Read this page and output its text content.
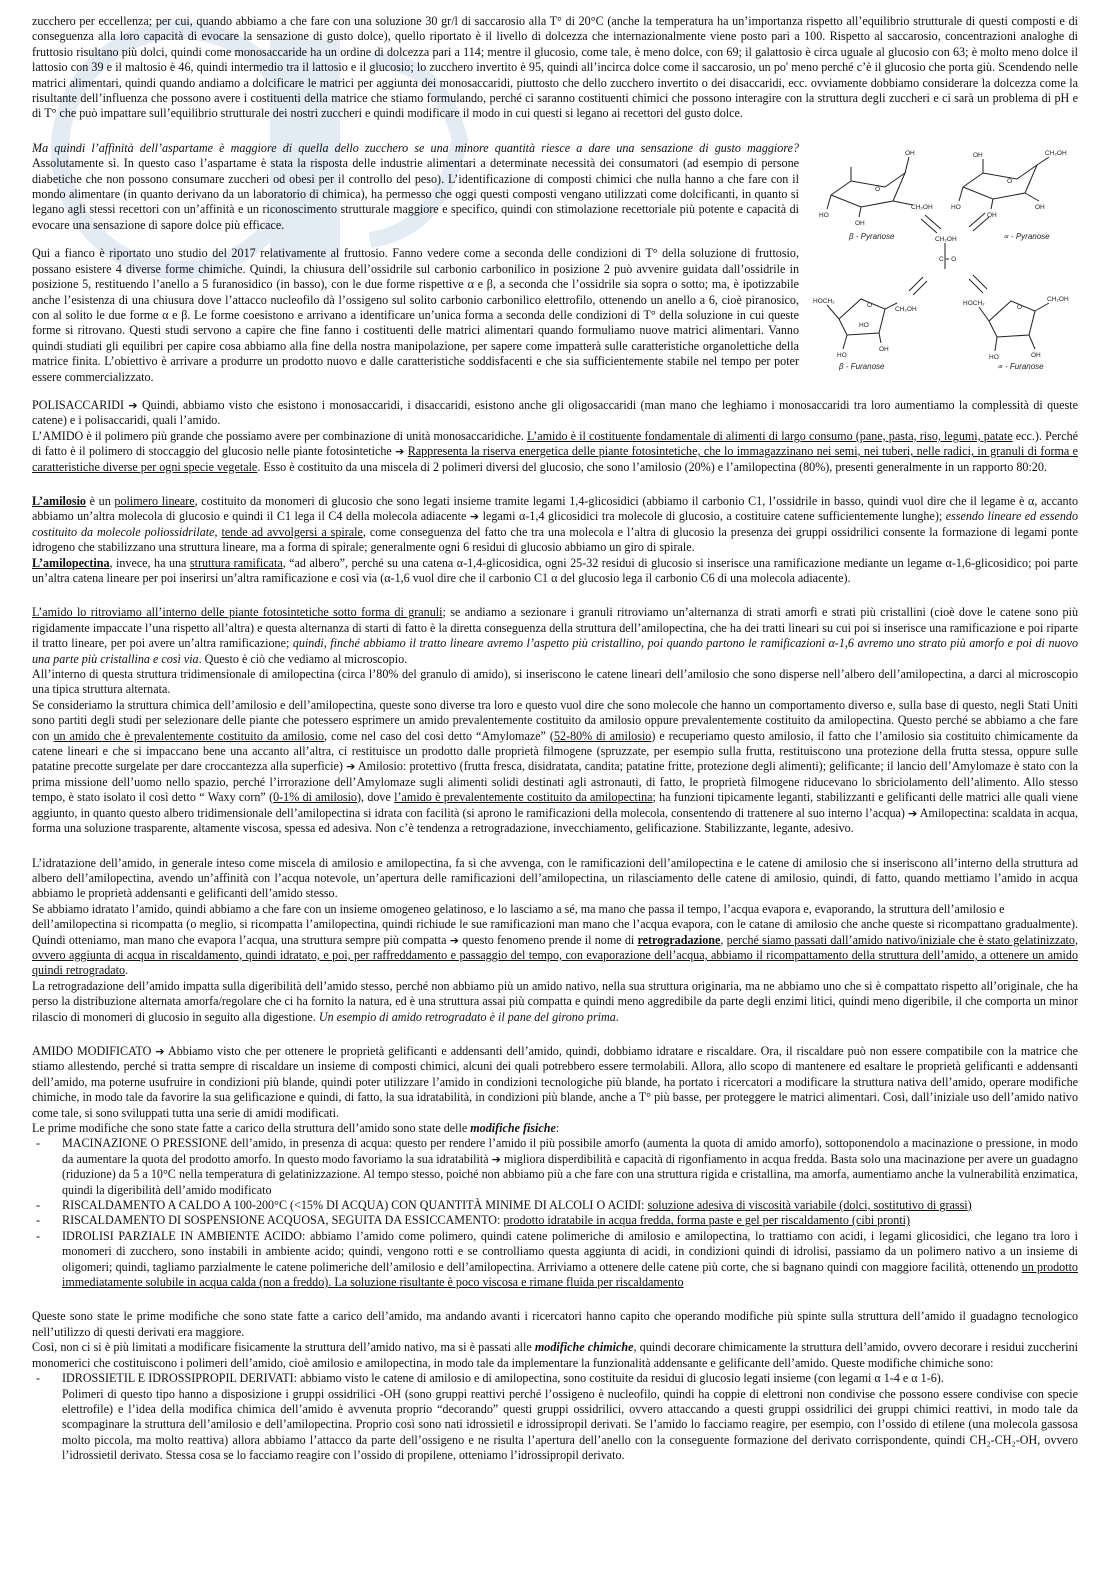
zucchero per eccellenza; per cui, quando abbiamo a che fare con una soluzione 30 gr/l di saccarosio alla T° di 20°C (anche la temperatura ha un’importanza rispetto all’equilibrio strutturale di questi composti e di conseguenza alla loro capacità di evocare la sensazione di gusto dolce), quello riportato è il livello di dolcezza che internazionalmente viene posto pari a 100. Rispetto al saccarosio, concentrazioni analoghe di fruttosio risultano più dolci, quindi come monosaccaride ha un ordine di dolcezza pari a 114; mentre il glucosio, come tale, è meno dolce, con 69; il galattosio è circa uguale al glucosio con 63; è molto meno dolce il lattosio con 39 e il maltosio è 46, quindi intermedio tra il lattosio e il glucosio; lo zucchero invertito è 95, quindi all’incirca dolce come il saccarosio, un po' meno perché c’è il glucosio che porta giù. Scendendo nelle matrici alimentari, quindi quando andiamo a dolcificare le matrici per aggiunta dei monosaccaridi, piuttosto che dello zucchero invertito o dei disaccaridi, ecc. ovviamente dobbiamo considerare la dolcezza come la risultante dell’influenza che possono avere i costituenti della matrice che stiamo formulando, perché ci saranno costituenti chimici che possono interagire con la struttura degli zuccheri e ci sarà un problema di pH e di T° che può impattare sull’equilibrio strutturale dei nostri zuccheri e quindi modificare il modo in cui questi si legano ai recettori del gusto dolce.

OH
O
CH₂OH
HO
OH
OH	CH₂OH
O
OH
HO
OH
β - Pyranose	∝ - Pyranose
CH₂OH
C = O
HOCH₂
O
CH₂OH
HO
HO
OH
HOCH₂
O
CH₂OH
HO	OH
β - Furanose	∝ - Furanose

Ma quindi l’affinità dell’aspartame è maggiore di quella dello zucchero se una minore quantità riesce a dare una sensazione di gusto maggiore? Assolutamente sì. In questo caso l’aspartame è stata la risposta delle industrie alimentari a determinate necessità dei consumatori (ad esempio di persone diabetiche che non possono consumare zuccheri od obesi per il controllo del peso). L’identificazione di composti chimici che nulla hanno a che fare con il mondo alimentare (in quanto derivano da un laboratorio di chimica), ha permesso che oggi questi composti vengano utilizzati come dolcificanti, in quanto si legano agli stessi recettori con un’affinità e un riconoscimento strutturale maggiore e specifico, quindi con stimolazione recettoriale più potente e capacità di evocare una sensazione di sapore dolce più efficace.

Qui a fianco è riportato uno studio del 2017 relativamente al fruttosio. Fanno vedere come a seconda delle condizioni di T° della soluzione di fruttosio, possano esistere 4 diverse forme chimiche. Quindi, la chiusura dell’ossidrile sul carbonio carbonilico in posizione 2 può avvenire guidata dall’ossidrile in posizione 5, restituendo l’anello a 5 furanosidico (in basso), con le due forme rispettive α e β, a seconda che l’ossidrile sia sopra o sotto; ma, è ipotizzabile anche l’esistenza di una chiusura dove l’attacco nucleofilo dà l’ossigeno sul solito carbonio carbonilico elettrofilo, ottenendo un anello a 6, cioè piranosico, con al solito le due forme α e β. Le forme coesistono e arrivano a identificare un’unica forma a seconda delle condizioni di T° della soluzione in cui queste forme si ritrovano. Questi studi servono a capire che fine fanno i costituenti delle matrici alimentari quando formuliamo nuove matrici alimentari. Vanno quindi studiati gli equilibri per capire cosa abbiamo alla fine della nostra manipolazione, per sapere come impatterà sulle caratteristiche organolettiche della matrice finita. L’obiettivo è arrivare a produrre un prodotto nuovo e dalle caratteristiche soddisfacenti e che sia sufficientemente stabile nel tempo per poter essere commercializzato.

POLISACCARIDI ➔ Quindi, abbiamo visto che esistono i monosaccaridi, i disaccaridi, esistono anche gli oligosaccaridi (man mano che leghiamo i monosaccaridi tra loro aumentiamo la complessità di queste catene) e i polisaccaridi, quali l’amido.

L’AMIDO è il polimero più grande che possiamo avere per combinazione di unità monosaccaridiche. L’amido è il costituente fondamentale di alimenti di largo consumo (pane, pasta, riso, legumi, patate ecc.). Perché di fatto è il polimero di stoccaggio del glucosio nelle piante fotosintetiche ➔ Rappresenta la riserva energetica delle piante fotosintetiche, che lo immagazzinano nei semi, nei tuberi, nelle radici, in granuli di forma e caratteristiche diverse per ogni specie vegetale. Esso è costituito da una miscela di 2 polimeri diversi del glucosio, che sono l’amilosio (20%) e l’amilopectina (80%), presenti generalmente in un rapporto 80:20.

L’amilosio è un polimero lineare, costituito da monomeri di glucosio che sono legati insieme tramite legami 1,4-glicosidici (abbiamo il carbonio C1, l’ossidrile in basso, quindi vuol dire che il legame è α, accanto abbiamo un’altra molecola di glucosio e quindi il C1 lega il C4 della molecola adiacente ➔ legami α-1,4 glicosidici tra molecole di glucosio, a costituire catene sufficientemente lunghe); essendo lineare ed essendo costituito da molecole poliossidrilate, tende ad avvolgersi a spirale, come conseguenza del fatto che tra una molecola e l’altra di glucosio la presenza dei gruppi ossidrilici consente la formazione di legami ponte idrogeno che stabilizzano una struttura lineare, ma a forma di spirale; generalmente ogni 6 residui di glucosio abbiamo un giro di spirale.

L’amilopectina, invece, ha una struttura ramificata, “ad albero”, perché su una catena α-1,4-glicosidica, ogni 25-32 residui di glucosio si inserisce una ramificazione mediante un legame α-1,6-glicosidico; poi parte un’altra catena lineare per poi inserirsi un’altra ramificazione e così via (α-1,6 vuol dire che il carbonio C1 α del glucosio lega il carbonio C6 di una molecola adiacente).

L’amido lo ritroviamo all’interno delle piante fotosintetiche sotto forma di granuli; se andiamo a sezionare i granuli ritroviamo un’alternanza di strati amorfi e strati più cristallini (cioè dove le catene sono più rigidamente impaccate l’una rispetto all’altra) e questa alternanza di starti di fatto è la diretta conseguenza della struttura dell’amilopectina, che ha dei tratti lineari su cui poi si inserisce una ramificazione e poi riparte il tratto lineare, per poi avere un’altra ramificazione; quindi, finché abbiamo il tratto lineare avremo l’aspetto più cristallino, poi quando partono le ramificazioni α-1,6 avremo uno strato più amorfo e poi di nuovo una parte più cristallina e così via. Questo è ciò che vediamo al microscopio.

All’interno di questa struttura tridimensionale di amilopectina (circa l’80% del granulo di amido), si inseriscono le catene lineari dell’amilosio che sono disperse nell’albero dell’amilopectina, a darci al microscopio una tipica struttura alternata.

Se consideriamo la struttura chimica dell’amilosio e dell’amilopectina, queste sono diverse tra loro e questo vuol dire che sono molecole che hanno un comportamento diverso e, sulla base di questo, negli Stati Uniti sono partiti degli studi per selezionare delle piante che potessero esprimere un amido prevalentemente costituito da amilosio oppure prevalentemente costituito da amilopectina. Questo perché se abbiamo a che fare con un amido che è prevalentemente costituito da amilosio, come nel caso del così detto “Amylomaze” (52-80% di amilosio) e recuperiamo questo amilosio, il fatto che l’amilosio sia costituito chimicamente da catene lineari e che si impaccano bene una accanto all’altra, ci restituisce un prodotto dalle proprietà filmogene (spruzzate, per esempio sulla frutta, restituiscono una protezione della frutta stessa, oppure sulle patatine precotte surgelate per dare croccantezza alla superficie) ➔ Amilosio: protettivo (frutta fresca, disidratata, candita; patatine fritte, protezione degli alimenti); gelificante; il lancio dell’Amylomaze è stato con la prima missione dell’uomo nello spazio, perché l’irrorazione dell’Amylomaze sugli alimenti solidi destinati agli astronauti, di fatto, le proprietà filmogene riducevano lo sbriciolamento dell’alimento. Allo stesso tempo, è stato isolato il così detto “ Waxy corn” (0-1% di amilosio), dove l’amido è prevalentemente costituito da amilopectina; ha funzioni tipicamente leganti, stabilizzanti e gelificanti delle matrici alle quali viene aggiunto, in quanto questo albero tridimensionale dell’amilopectina si idrata con facilità (si aprono le ramificazioni della molecola, consentendo di trattenere al suo interno l’acqua) ➔ Amilopectina: scaldata in acqua, forma una soluzione trasparente, altamente viscosa, spessa ed adesiva. Non c’è tendenza a retrogradazione, invecchiamento, gelificazione. Stabilizzante, legante, adesivo.

L’idratazione dell’amido, in generale inteso come miscela di amilosio e amilopectina, fa sì che avvenga, con le ramificazioni dell’amilopectina e le catene di amilosio che si inseriscono all’interno della struttura ad albero dell’amilopectina, avendo un’affinità con l’acqua notevole, un’apertura delle ramificazioni dell’amilopectina, un rilasciamento delle catene di amilosio, quindi, di fatto, quando mettiamo l’amido in acqua abbiamo le proprietà addensanti e gelificanti dell’amido stesso.

Se abbiamo idratato l’amido, quindi abbiamo a che fare con un insieme omogeneo gelatinoso, e lo lasciamo a sé, ma mano che passa il tempo, l’acqua evapora e, evaporando, la struttura dell’amilosio e

dell’amilopectina si ricompatta (o meglio, si ricompatta l’amilopectina, quindi richiude le sue ramificazioni man mano che l’acqua evapora, con le catane di amilosio che anche queste si ricompattano gradualmente). Quindi otteniamo, man mano che evapora l’acqua, una struttura sempre più compatta ➔ questo fenomeno prende il nome di retrogradazione, perché siamo passati dall’amido nativo/iniziale che è stato gelatinizzato, ovvero aggiunta di acqua in riscaldamento, quindi idratato, e poi, per raffreddamento e passaggio del tempo, con evaporazione dell’acqua, abbiamo il ricompattamento della struttura dell’amido, a ottenere un amido quindi retrogradato.

La retrogradazione dell’amido impatta sulla digeribilità dell’amido stesso, perché non abbiamo più un amido nativo, nella sua struttura originaria, ma ne abbiamo uno che si è compattato rispetto all’originale, che ha perso la distribuzione alternata amorfa/regolare che ci ha fornito la natura, ed è una struttura assai più compatta e quindi meno aggredibile da parte degli enzimi litici, quindi meno digeribile, il che comporta un minor rilascio di monomeri di glucosio in seguito alla digestione. Un esempio di amido retrogradato è il pane del girono prima.

AMIDO MODIFICATO ➔ Abbiamo visto che per ottenere le proprietà gelificanti e addensanti dell’amido, quindi, dobbiamo idratare e riscaldare. Ora, il riscaldare può non essere compatibile con la matrice che stiamo allestendo, perché si tratta sempre di riscaldare un insieme di composti chimici, alcuni dei quali potrebbero essere termolabili. Allora, allo scopo di mantenere ed esaltare le proprietà gelificanti e addensanti dell’amido, ma poterne usufruire in condizioni più blande, quindi poter utilizzare l’amido in condizioni tecnologiche più blande, ha portato i ricercatori a modificare la struttura nativa dell’amido, operare modifiche chimiche, in modo tale da favorire la sua gelificazione e quindi, di fatto, la sua idratabilità, in condizioni più blande, anche a T° più basse, per proteggere le matrici alimentari. Così, dall’iniziale uso dell’amido nativo come tale, si sono sviluppati tutta una serie di amidi modificati.

Le prime modifiche che sono state fatte a carico della struttura dell’amido sono state delle modifiche fisiche:

- MACINAZIONE O PRESSIONE dell’amido, in presenza di acqua: questo per rendere l’amido il più possibile amorfo (aumenta la quota di amido amorfo), sottoponendolo a macinazione o pressione, in modo da aumentare la quota del prodotto amorfo. In questo modo favoriamo la sua idratabilità ➔ migliora disperdibilità e capacità di rigonfiamento in acqua fredda. Basta solo una macinazione per avere un guadagno (riduzione) da 5 a 10°C nella temperatura di gelatinizzazione. Al tempo stesso, poiché non abbiamo più a che fare con una struttura rigida e cristallina, ma amorfa, aumentiamo anche la vulnerabilità enzimatica, quindi la digeribilità dell’amido modificato
- RISCALDAMENTO A CALDO A 100-200°C (<15% DI ACQUA) CON QUANTITÀ MINIME DI ALCOLI O ACIDI: soluzione adesiva di viscosità variabile (dolci, sostitutivo di grassi)
- RISCALDAMENTO DI SOSPENSIONE ACQUOSA, SEGUITA DA ESSICCAMENTO: prodotto idratabile in acqua fredda, forma paste e gel per riscaldamento (cibi pronti)
- IDROLISI PARZIALE IN AMBIENTE ACIDO: abbiamo l’amido come polimero, quindi catene polimeriche di amilosio e amilopectina, lo trattiamo con acidi, i legami glicosidici, che legano tra loro i monomeri di zucchero, sono instabili in ambiente acido; quindi, vengono rotti e se controlliamo questa aggiunta di acidi, in condizioni quindi di idrolisi, passiamo da un polimero nativo a un insieme di oligomeri; quindi, tagliamo parzialmente le catene polimeriche dell’amilosio e dell’amilopectina. Arriviamo a ottenere delle catene più corte, che si bagnano quindi con maggiore facilità, ottenendo un prodotto immediatamente solubile in acqua calda (non a freddo). La soluzione risultante è poco viscosa e rimane fluida per riscaldamento

Queste sono state le prime modifiche che sono state fatte a carico dell’amido, ma andando avanti i ricercatori hanno capito che operando modifiche più spinte sulla struttura dell’amido il guadagno tecnologico nell’utilizzo di questi derivati era maggiore.

Così, non ci si è più limitati a modificare fisicamente la struttura dell’amido nativo, ma si è passati alle modifiche chimiche, quindi decorare chimicamente la struttura dell’amido, ovvero decorare i residui zuccherini monomerici che costituiscono i polimeri dell’amido, cioè amilosio e amilopectina, in modo tale da implementare la funzionalità addensante e gelificante dell’amido. Queste modifiche chimiche sono:

- IDROSSIETIL E IDROSSIPROPIL DERIVATI: abbiamo visto le catene di amilosio e di amilopectina, sono costituite da residui di glucosio legati insieme (con legami α 1-4 e α 1-6).

Polimeri di questo tipo hanno a disposizione i gruppi ossidrilici -OH (sono gruppi reattivi perché l’ossigeno è nucleofilo, quindi ha coppie di elettroni non condivise che possono essere condivise con specie elettrofile) e l’idea della modifica chimica dell’amido è avvenuta proprio “decorando” questi gruppi ossidrilici, ovvero attaccando a questi gruppi ossidrilici dei gruppi chimici reattivi, in modo tale da scompaginare la struttura dell’amilosio e dell’amilopectina. Proprio così sono nati idrossietil e idrossipropil derivati. Se l’amido lo facciamo reagire, per esempio, con l’ossido di etilene (una molecola gassosa molto piccola, ma molto reattiva) allora abbiamo l’attacco da parte dell’ossigeno e ne risulta l’apertura dell’anello con la conseguente formazione del derivato corrispondente, quindi CH₂-CH₂-OH, ovvero l’idrossietil derivato. Stessa cosa se lo facciamo reagire con l’ossido di propilene, otteniamo l’idrossipropil derivato.
